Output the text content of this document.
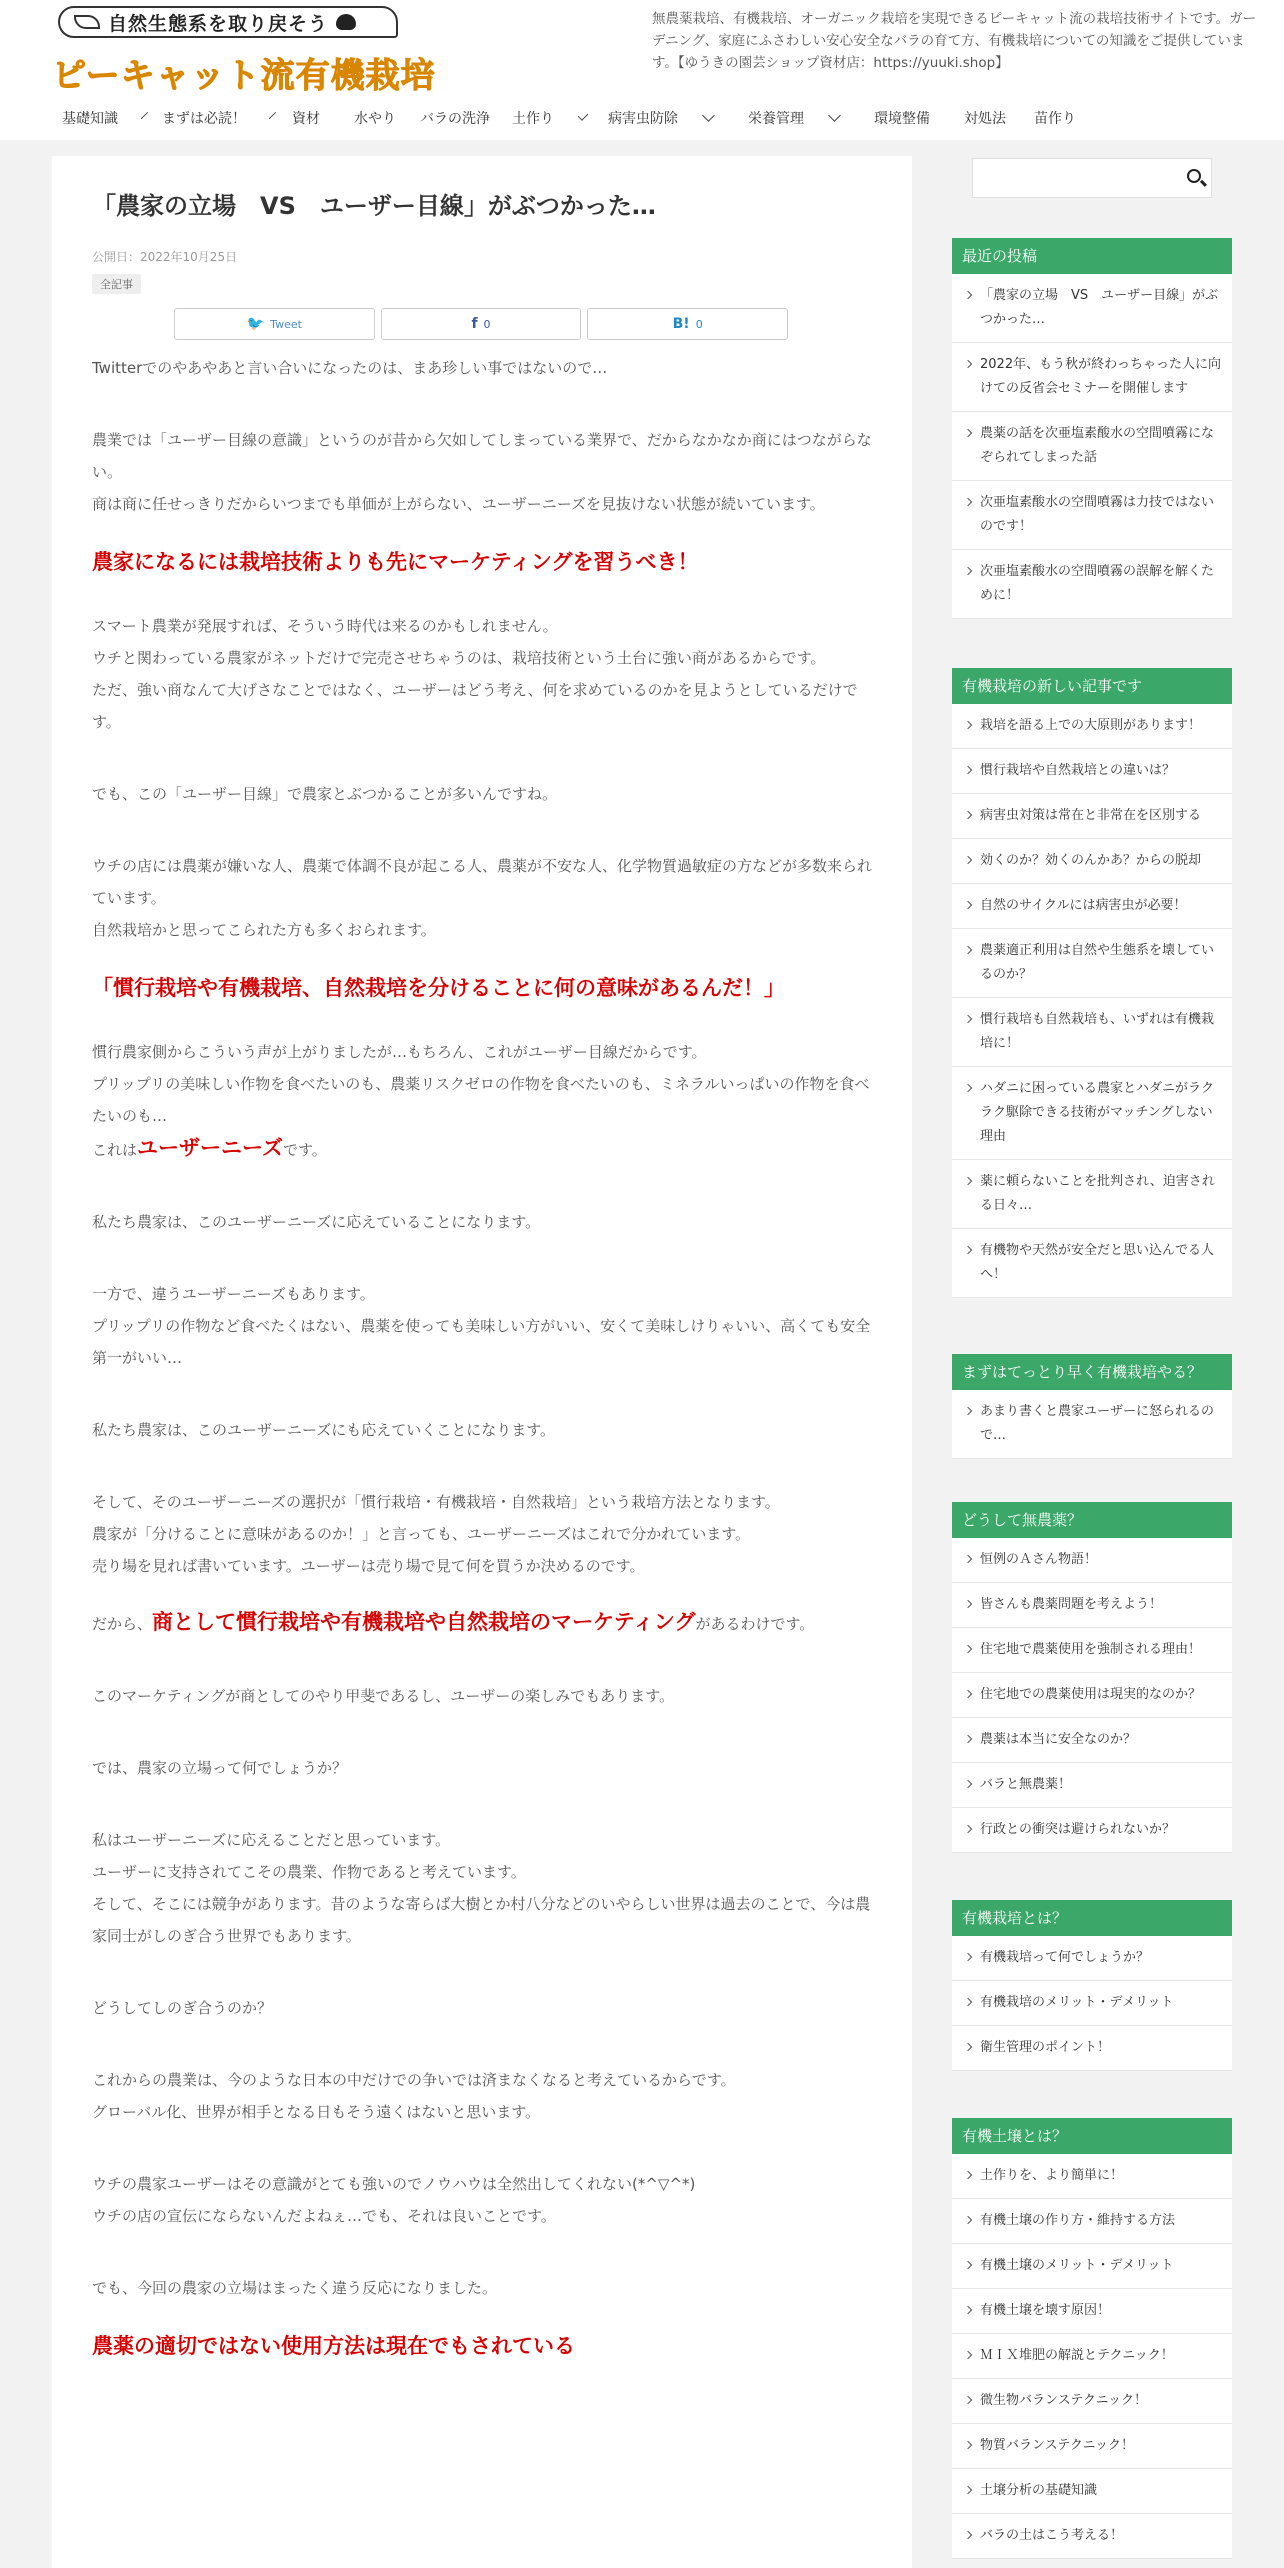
自然生態系を取り戻そう
ピーキャット流有機栽培
無農薬栽培、有機栽培、オーガニック栽培を実現できるピーキャット流の栽培技術サイトです。ガーデニング、家庭にふさわしい安心安全なバラの育て方、有機栽培についての知識をご提供しています。【ゆうきの園芸ショップ資材店：https://yuuki.shop】
基礎知識	まずは必読！	資材 水やり バラの洗浄 土作り	病害虫防除	栄養管理	環境整備 対処法 苗作り
「農家の立場　VS　ユーザー目線」がぶつかった…
公開日：2022年10月25日
全記事
🐦 Tweet	f 0	B! 0

Twitterでのやあやあと言い合いになったのは、まあ珍しい事ではないので…

農業では「ユーザー目線の意識」というのが昔から欠如してしまっている業界で、だからなかなか商にはつながらない。

商は商に任せっきりだからいつまでも単価が上がらない、ユーザーニーズを見抜けない状態が続いています。

農家になるには栽培技術よりも先にマーケティングを習うべき！

スマート農業が発展すれば、そういう時代は来るのかもしれません。

ウチと関わっている農家がネットだけで完売させちゃうのは、栽培技術という土台に強い商があるからです。

ただ、強い商なんて大げさなことではなく、ユーザーはどう考え、何を求めているのかを見ようとしているだけです。

でも、この「ユーザー目線」で農家とぶつかることが多いんですね。

ウチの店には農薬が嫌いな人、農薬で体調不良が起こる人、農薬が不安な人、化学物質過敏症の方などが多数来られています。

自然栽培かと思ってこられた方も多くおられます。

「慣行栽培や有機栽培、自然栽培を分けることに何の意味があるんだ！」

慣行農家側からこういう声が上がりましたが…もちろん、これがユーザー目線だからです。

プリップリの美味しい作物を食べたいのも、農薬リスクゼロの作物を食べたいのも、ミネラルいっぱいの作物を食べたいのも…

これはユーザーニーズです。

私たち農家は、このユーザーニーズに応えていることになります。

一方で、違うユーザーニーズもあります。

プリップリの作物など食べたくはない、農薬を使っても美味しい方がいい、安くて美味しけりゃいい、高くても安全第一がいい…

私たち農家は、このユーザーニーズにも応えていくことになります。

そして、そのユーザーニーズの選択が「慣行栽培・有機栽培・自然栽培」という栽培方法となります。

農家が「分けることに意味があるのか！」と言っても、ユーザーニーズはこれで分かれています。

売り場を見れば書いています。ユーザーは売り場で見て何を買うか決めるのです。

だから、商として慣行栽培や有機栽培や自然栽培のマーケティングがあるわけです。

このマーケティングが商としてのやり甲斐であるし、ユーザーの楽しみでもあります。

では、農家の立場って何でしょうか？

私はユーザーニーズに応えることだと思っています。

ユーザーに支持されてこその農業、作物であると考えています。

そして、そこには競争があります。昔のような寄らば大樹とか村八分などのいやらしい世界は過去のことで、今は農家同士がしのぎ合う世界でもあります。

どうしてしのぎ合うのか？

これからの農業は、今のような日本の中だけでの争いでは済まなくなると考えているからです。

グローバル化、世界が相手となる日もそう遠くはないと思います。

ウチの農家ユーザーはその意識がとても強いのでノウハウは全然出してくれない(*^▽^*)

ウチの店の宣伝にならないんだよねぇ…でも、それは良いことです。

でも、今回の農家の立場はまったく違う反応になりました。

農薬の適切ではない使用方法は現在でもされている
最近の投稿
「農家の立場　VS　ユーザー目線」がぶつかった…
2022年、もう秋が終わっちゃった人に向けての反省会セミナーを開催します
農薬の話を次亜塩素酸水の空間噴霧になぞられてしまった話
次亜塩素酸水の空間噴霧は力技ではないのです！
次亜塩素酸水の空間噴霧の誤解を解くために！
有機栽培の新しい記事です
栽培を語る上での大原則があります！
慣行栽培や自然栽培との違いは？
病害虫対策は常在と非常在を区別する
効くのか？効くのんかあ？からの脱却
自然のサイクルには病害虫が必要！
農薬適正利用は自然や生態系を壊しているのか？
慣行栽培も自然栽培も、いずれは有機栽培に！
ハダニに困っている農家とハダニがラクラク駆除できる技術がマッチングしない理由
薬に頼らないことを批判され、迫害される日々…
有機物や天然が安全だと思い込んでる人へ！
まずはてっとり早く有機栽培やる？
あまり書くと農家ユーザーに怒られるので…
どうして無農薬？
恒例のＡさん物語！
皆さんも農薬問題を考えよう！
住宅地で農薬使用を強制される理由！
住宅地での農薬使用は現実的なのか？
農薬は本当に安全なのか？
バラと無農薬！
行政との衝突は避けられないか？
有機栽培とは？
有機栽培って何でしょうか？
有機栽培のメリット・デメリット
衛生管理のポイント！
有機土壌とは？
土作りを、より簡単に！
有機土壌の作り方・維持する方法
有機土壌のメリット・デメリット
有機土壌を壊す原因！
ＭＩＸ堆肥の解説とテクニック！
微生物バランステクニック！
物質バランステクニック！
土壌分析の基礎知識
バラの土はこう考える！
